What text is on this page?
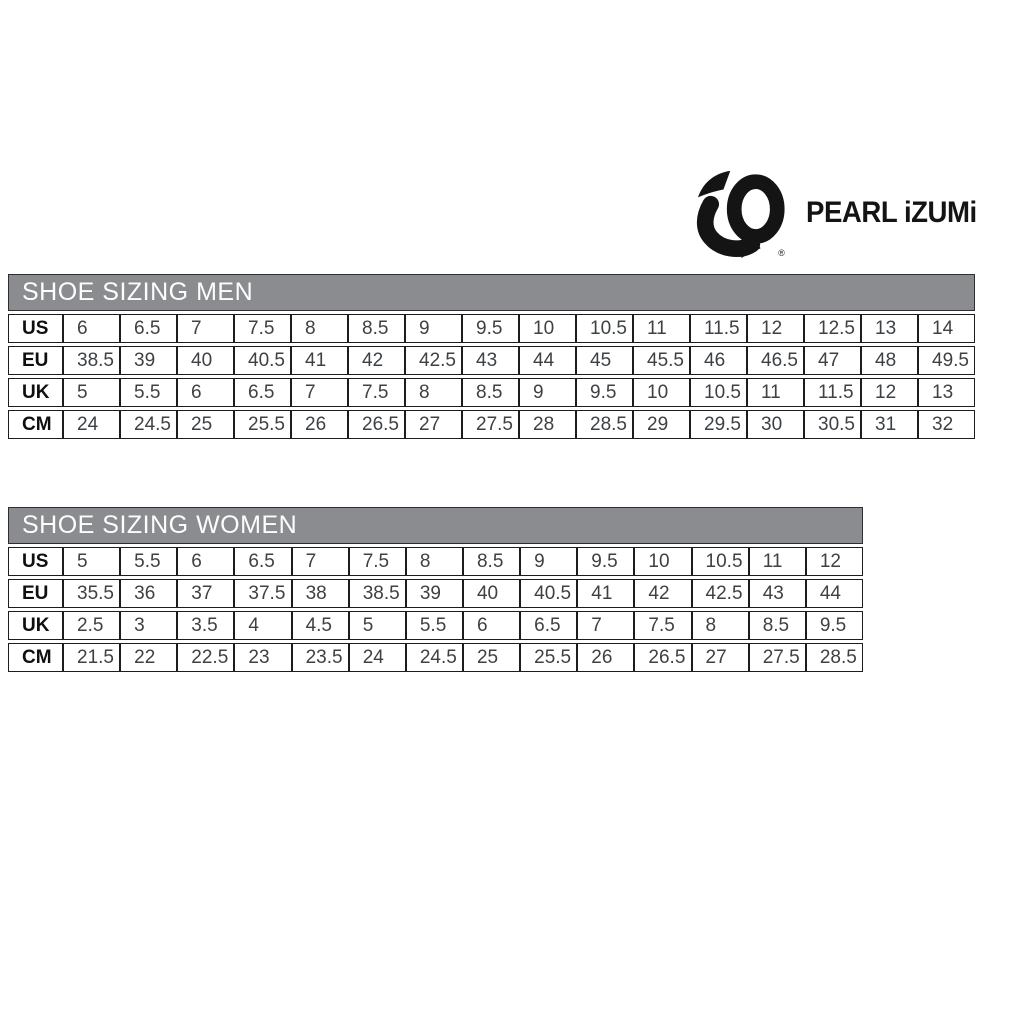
®
PEARL iZUMi
SHOE SIZING MEN
US	6	6.5	7	7.5	8	8.5	9	9.5	10	10.5	11	11.5	12	12.5	13	14
EU	38.5	39	40	40.5	41	42	42.5	43	44	45	45.5	46	46.5	47	48	49.5
UK	5	5.5	6	6.5	7	7.5	8	8.5	9	9.5	10	10.5	11	11.5	12	13
CM	24	24.5	25	25.5	26	26.5	27	27.5	28	28.5	29	29.5	30	30.5	31	32
SHOE SIZING WOMEN
US	5	5.5	6	6.5	7	7.5	8	8.5	9	9.5	10	10.5	11	12
EU	35.5	36	37	37.5	38	38.5	39	40	40.5	41	42	42.5	43	44
UK	2.5	3	3.5	4	4.5	5	5.5	6	6.5	7	7.5	8	8.5	9.5
CM	21.5	22	22.5	23	23.5	24	24.5	25	25.5	26	26.5	27	27.5	28.5
